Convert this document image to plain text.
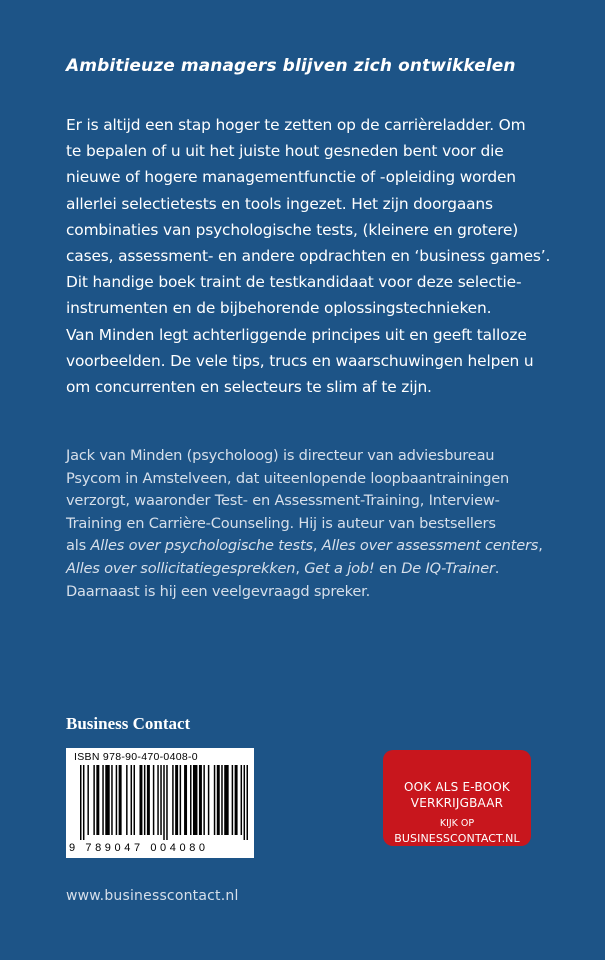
Ambitieuze managers blijven zich ontwikkelen

Er is altijd een stap hoger te zetten op de carrièreladder. Om
te bepalen of u uit het juiste hout gesneden bent voor die
nieuwe of hogere managementfunctie of -opleiding worden
allerlei selectietests en tools ingezet. Het zijn doorgaans
combinaties van psychologische tests, (kleinere en grotere)
cases, assessment- en andere opdrachten en ‘business games’.
Dit handige boek traint de testkandidaat voor deze selectie-
instrumenten en de bijbehorende oplossingstechnieken.
Van Minden legt achterliggende principes uit en geeft talloze
voorbeelden. De vele tips, trucs en waarschuwingen helpen u
om concurrenten en selecteurs te slim af te zijn.

Jack van Minden (psycholoog) is directeur van adviesbureau
Psycom in Amstelveen, dat uiteenlopende loopbaantrainingen
verzorgt, waaronder Test- en Assessment-Training, Interview-
Training en Carrière-Counseling. Hij is auteur van bestsellers
als Alles over psychologische tests, Alles over assessment centers,
Alles over sollicitatiegesprekken, Get a job! en De IQ-Trainer.
Daarnaast is hij een veelgevraagd spreker.

Business Contact
ISBN 978-90-470-0408-0
9 789047 004080
OOK ALS E-BOOK
VERKRIJGBAAR
KIJK OP
BUSINESSCONTACT.NL
www.businesscontact.nl
